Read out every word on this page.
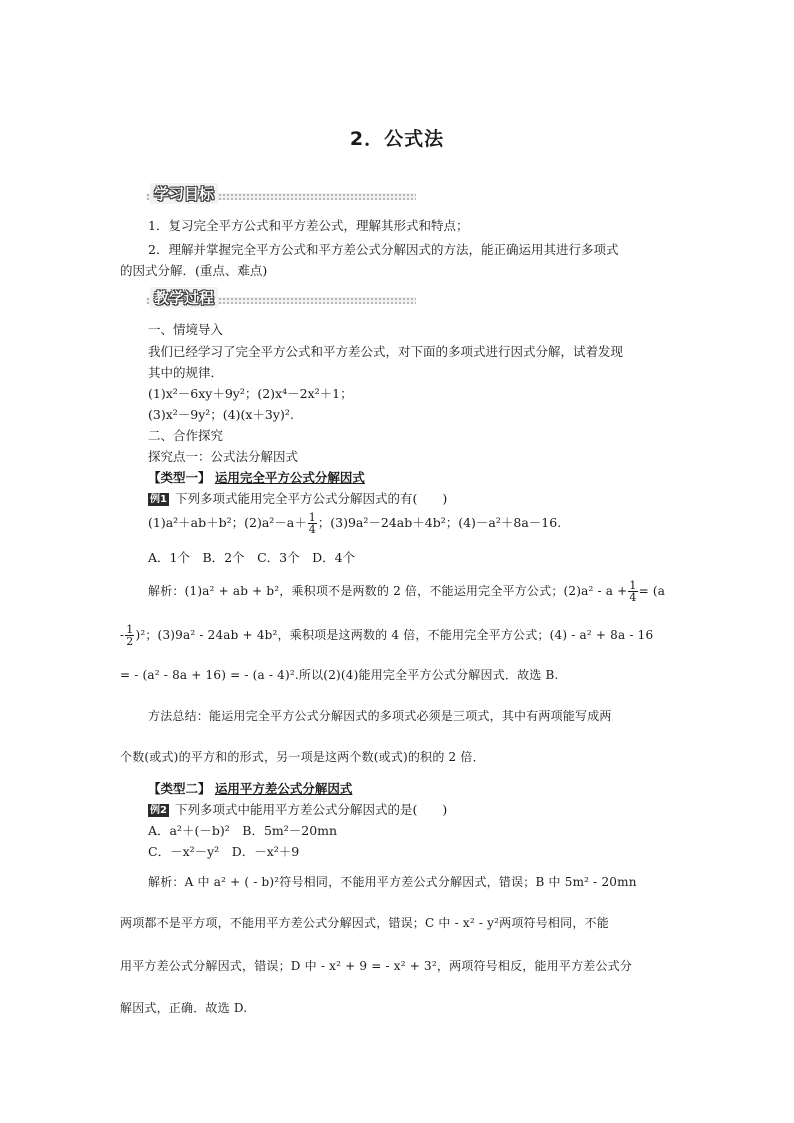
2．公式法
学习目标
1．复习完全平方公式和平方差公式，理解其形式和特点；
2．理解并掌握完全平方公式和平方差公式分解因式的方法，能正确运用其进行多项式
的因式分解．(重点、难点)
教学过程
一、情境导入
我们已经学习了完全平方公式和平方差公式，对下面的多项式进行因式分解，试着发现
其中的规律．
(1)x²－6xy＋9y²；(2)x⁴－2x²＋1；
(3)x²－9y²；(4)(x＋3y)².
二、合作探究
探究点一：公式法分解因式
【类型一】 运用完全平方公式分解因式
例1 下列多项式能用完全平方公式分解因式的有(　　)
(1)a²＋ab＋b²；$(2)a^2-a+ \frac{1}{4}$ ；(3)9a²－24ab＋4b²；(4)－a²＋8a－16.
A．1个　B．2个　C．3个　D．4个
解析：(1)a² + ab + b²，乘积项不是两数的 2 倍，不能运用完全平方公式；$(2)a^2 - a + \frac{1}{4} = (a$
- $\frac{1}{2} )^2$；(3)9a² - 24ab + 4b²，乘积项是这两数的 4 倍，不能用完全平方公式；(4) - a² + 8a - 16
= - (a² - 8a + 16) = - (a - 4)².所以(2)(4)能用完全平方公式分解因式．故选 B.
方法总结：能运用完全平方公式分解因式的多项式必须是三项式，其中有两项能写成两
个数(或式)的平方和的形式，另一项是这两个数(或式)的积的 2 倍．
【类型二】 运用平方差公式分解因式
例2 下列多项式中能用平方差公式分解因式的是(　　)
A．a²＋(－b)²　B．5m²－20mn
C．－x²－y²　D．－x²＋9
解析：A 中 a² + ( - b)²符号相同，不能用平方差公式分解因式，错误；B 中 5m² - 20mn
两项都不是平方项，不能用平方差公式分解因式，错误；C 中 - x² - y²两项符号相同，不能
用平方差公式分解因式，错误；D 中 - x² + 9 = - x² + 3²，两项符号相反，能用平方差公式分
解因式，正确．故选 D.
